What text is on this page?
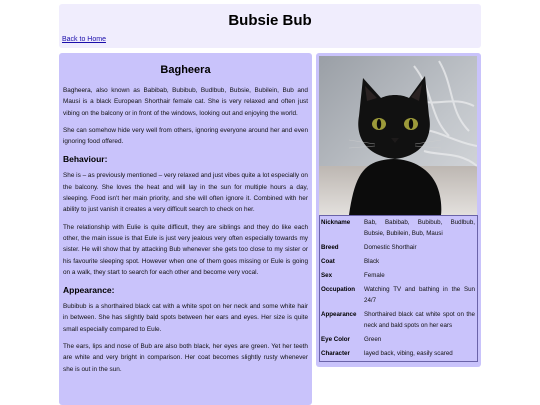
Bubsie Bub
Back to Home
Bagheera

Bagheera, also known as Babibab, Bubibub, Budlbub, Bubsie, Bubilein, Bub and Mausi is a black European Shorthair female cat. She is very relaxed and often just vibing on the balcony or in front of the windows, looking out and enjoying the world.

She can somehow hide very well from others, ignoring everyone around her and even ignoring food offered.

Behaviour:

She is – as previously mentioned – very relaxed and just vibes quite a lot especially on the balcony. She loves the heat and will lay in the sun for multiple hours a day, sleeping. Food isn't her main priority, and she will often ignore it. Combined with her ability to just vanish it creates a very difficult search to check on her.

The relationship with Eulie is quite difficult, they are siblings and they do like each other, the main issue is that Eule is just very jealous very often especially towards my sister. He will show that by attacking Bub whenever she gets too close to my sister or his favourite sleeping spot. However when one of them goes missing or Eule is going on a walk, they start to search for each other and become very vocal.

Appearance:

Bubibub is a shorthaired black cat with a white spot on her neck and some white hair in between. She has slightly bald spots between her ears and eyes. Her size is quite small especially compared to Eule.

The ears, lips and nose of Bub are also both black, her eyes are green. Yet her teeth are white and very bright in comparison. Her coat becomes slightly rusty whenever she is out in the sun.

Nickname	Bab, Babibab, Bubibub, Budlbub, Bubsie, Bubilein, Bub, Mausi
Breed	Domestic Shorthair
Coat	Black
Sex	Female
Occupation	Watching TV and bathing in the Sun 24/7
Appearance	Shorthaired black cat white spot on the neck and bald spots on her ears
Eye Color	Green
Character	layed back, vibing, easily scared
